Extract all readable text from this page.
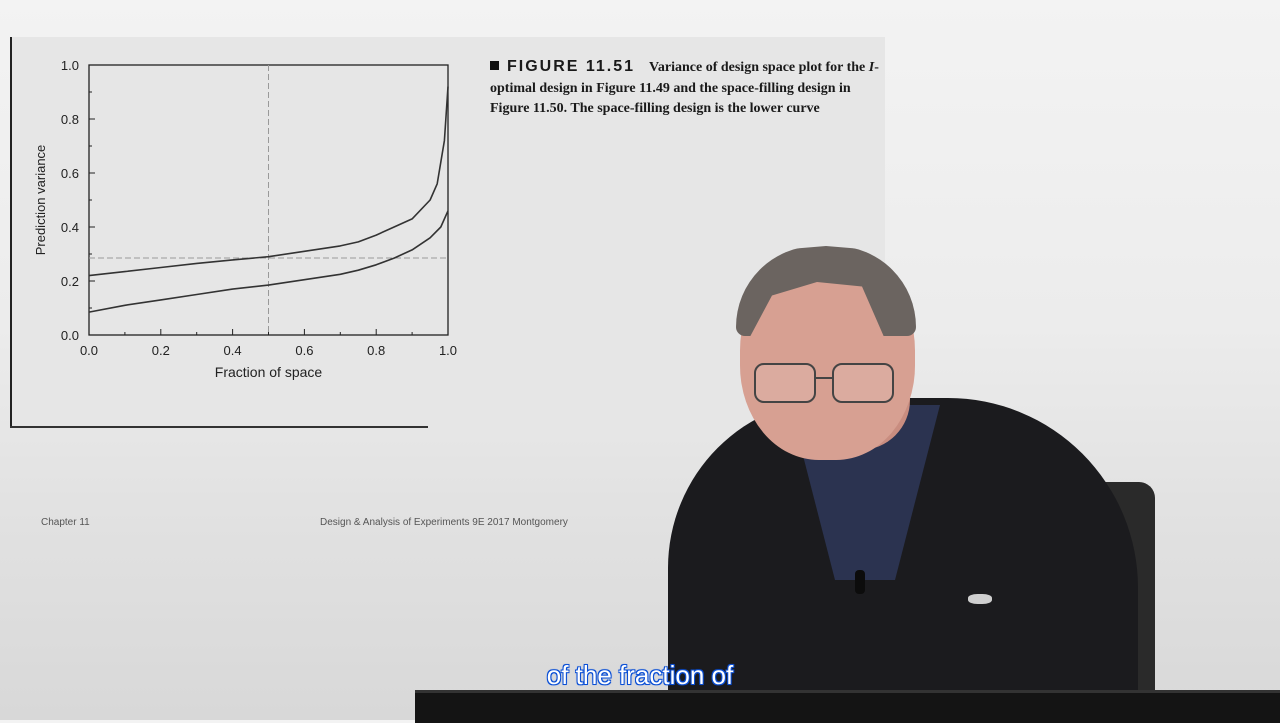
0.0	0.2	0.4	0.6	0.8	1.0
0.0
0.2
0.4
0.6
0.8
1.0
Fraction of space
Prediction variance
FIGURE 11.51 Variance of design space plot for the I-optimal design in Figure 11.49 and the space-filling design in Figure 11.50. The space-filling design is the lower curve
Chapter 11	Design & Analysis of Experiments 9E 2017 Montgomery
of the fraction of
